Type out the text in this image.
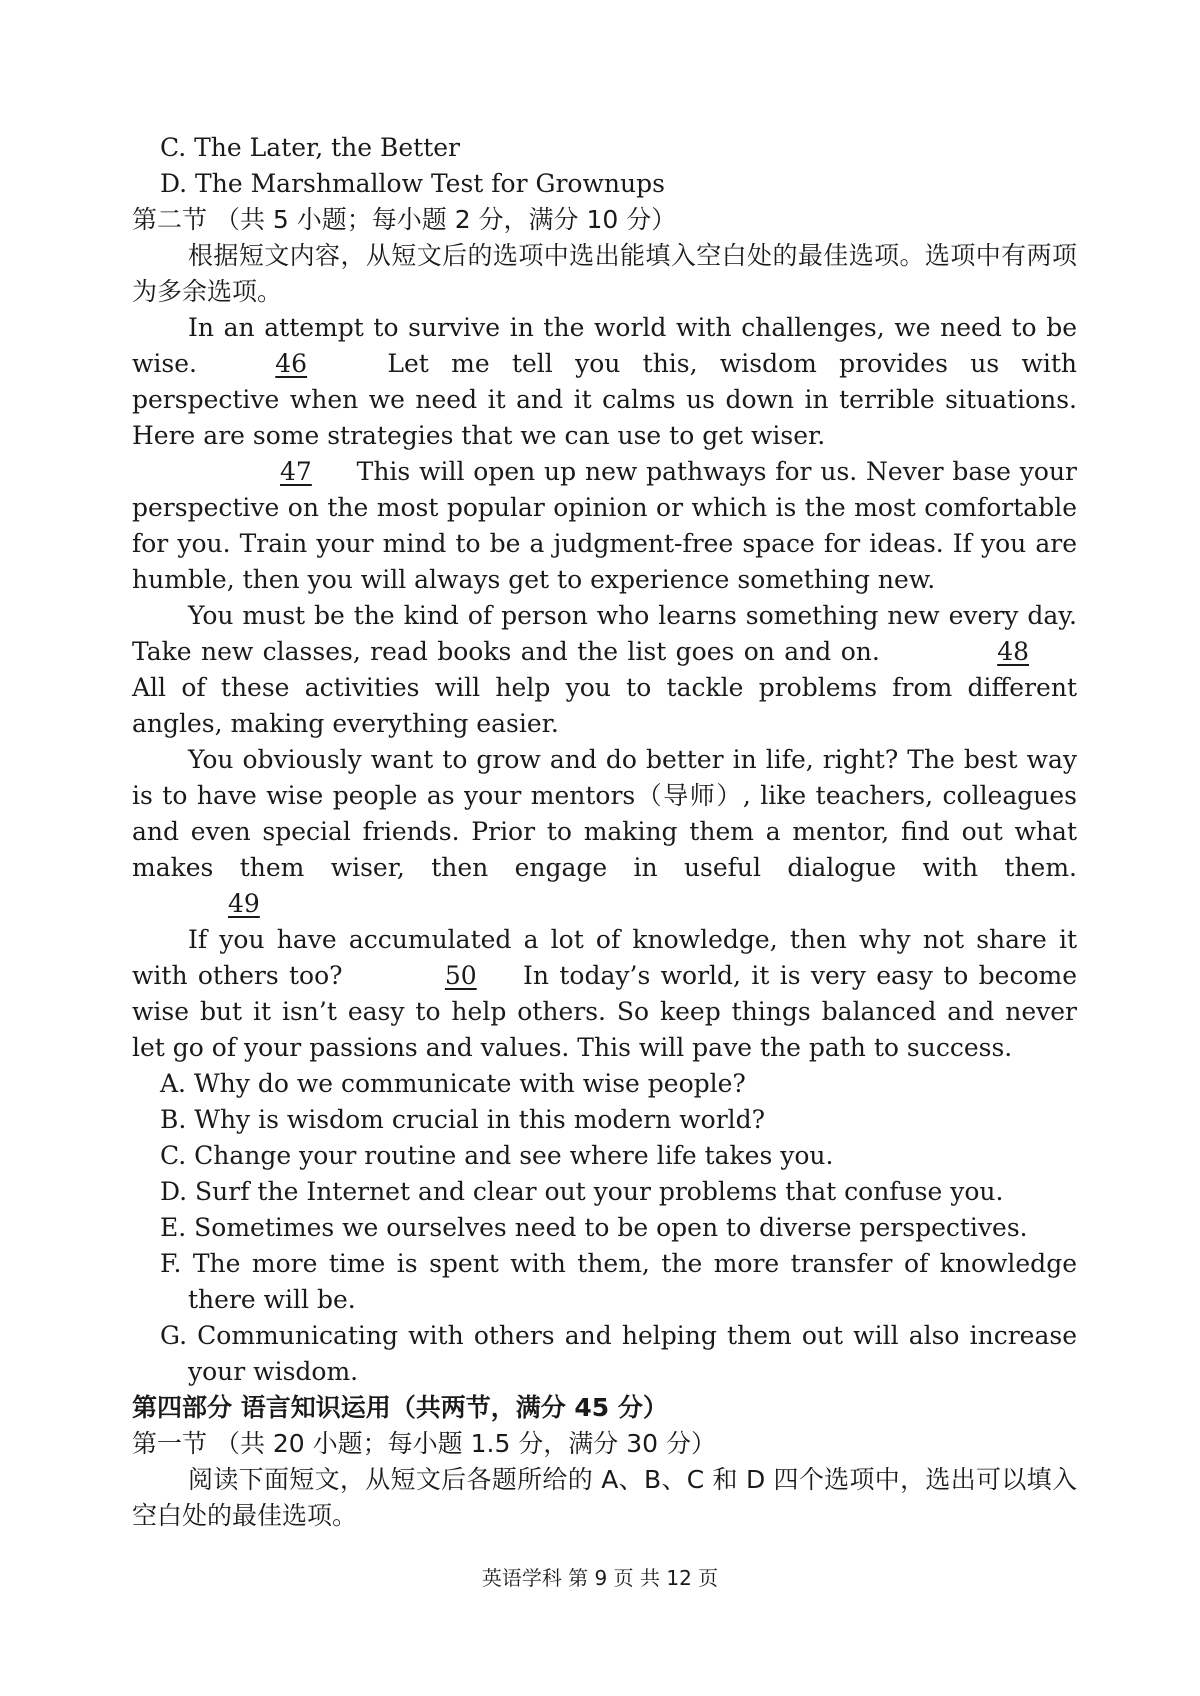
C. The Later, the Better
D. The Marshmallow Test for Grownups
第二节 （共 5 小题；每小题 2 分，满分 10 分）

根据短文内容，从短文后的选项中选出能填入空白处的最佳选项。选项中有两项为多余选项。

In an attempt to survive in the world with challenges, we need to be wise. 46 Let me tell you this, wisdom provides us with perspective when we need it and it calms us down in terrible situations. Here are some strategies that we can use to get wiser.

47 This will open up new pathways for us. Never base your perspective on the most popular opinion or which is the most comfortable for you. Train your mind to be a judgment-free space for ideas. If you are humble, then you will always get to experience something new.

You must be the kind of person who learns something new every day. Take new classes, read books and the list goes on and on.	48 All of these activities will help you to tackle problems from different angles, making everything easier.

You obviously want to grow and do better in life, right? The best way is to have wise people as your mentors（导师）, like teachers, colleagues and even special friends. Prior to making them a mentor, find out what makes them wiser, then engage in useful dialogue with them. 49

If you have accumulated a lot of knowledge, then why not share it with others too?	50 In today’s world, it is very easy to become wise but it isn’t easy to help others. So keep things balanced and never let go of your passions and values. This will pave the path to success.

A. Why do we communicate with wise people?
B. Why is wisdom crucial in this modern world?
C. Change your routine and see where life takes you.
D. Surf the Internet and clear out your problems that confuse you.
E. Sometimes we ourselves need to be open to diverse perspectives.
F. The more time is spent with them, the more transfer of knowledge there will be.
G. Communicating with others and helping them out will also increase your wisdom.
第四部分 语言知识运用（共两节，满分 45 分）
第一节 （共 20 小题；每小题 1.5 分，满分 30 分）

阅读下面短文，从短文后各题所给的 A、B、C 和 D 四个选项中，选出可以填入空白处的最佳选项。

英语学科 第 9 页 共 12 页
